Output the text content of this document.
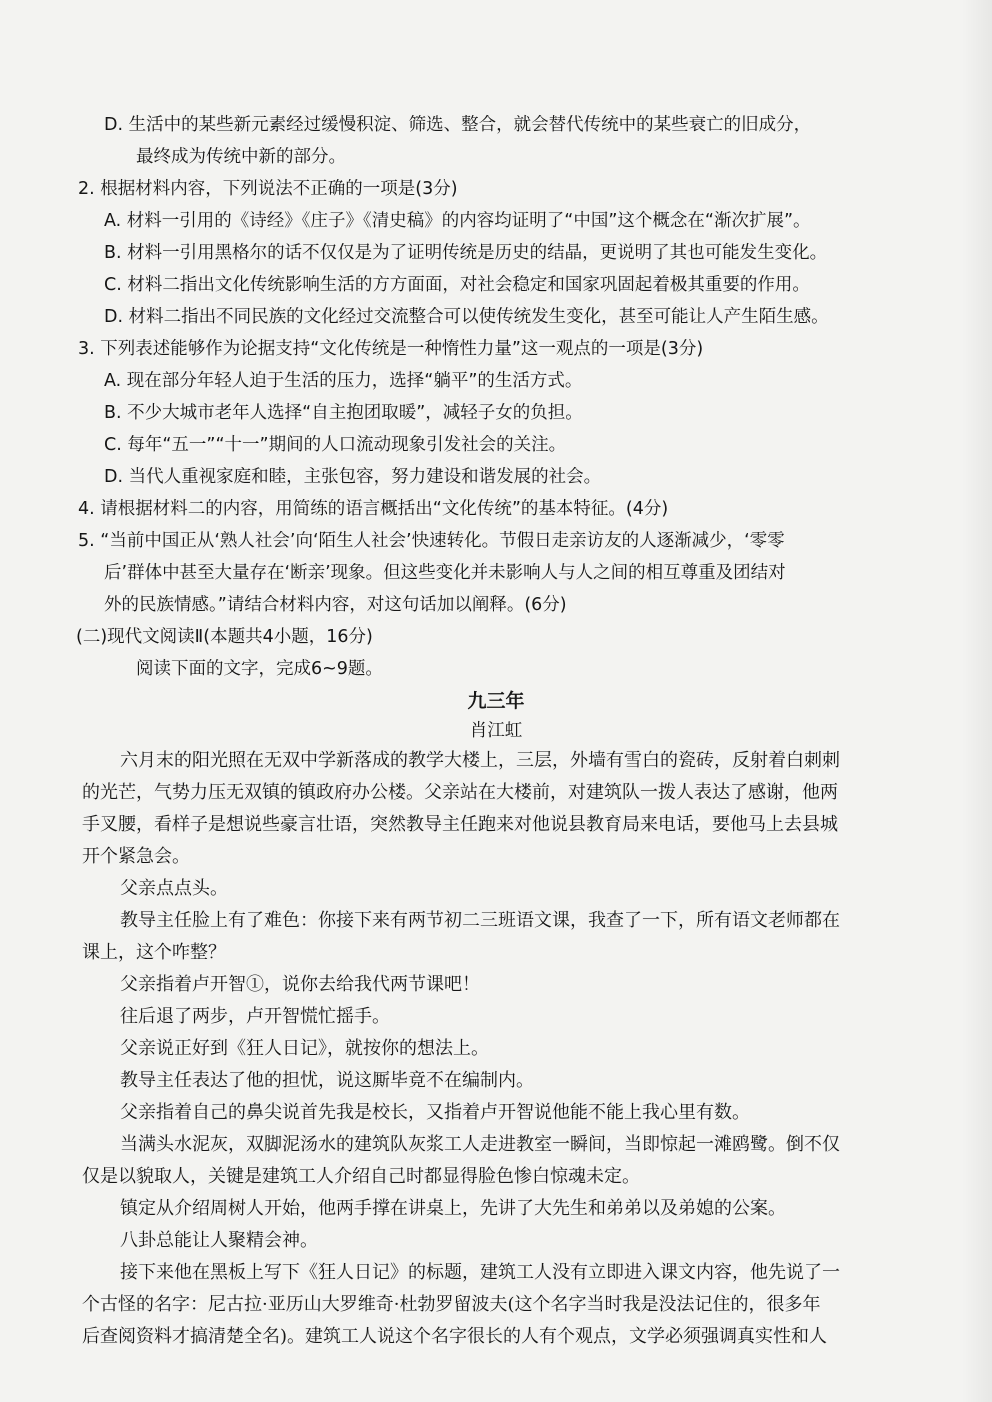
D. 生活中的某些新元素经过缓慢积淀、筛选、整合，就会替代传统中的某些衰亡的旧成分，
最终成为传统中新的部分。
2. 根据材料内容，下列说法不正确的一项是(3分)
A. 材料一引用的《诗经》《庄子》《清史稿》的内容均证明了“中国”这个概念在“渐次扩展”。
B. 材料一引用黑格尔的话不仅仅是为了证明传统是历史的结晶，更说明了其也可能发生变化。
C. 材料二指出文化传统影响生活的方方面面，对社会稳定和国家巩固起着极其重要的作用。
D. 材料二指出不同民族的文化经过交流整合可以使传统发生变化，甚至可能让人产生陌生感。
3. 下列表述能够作为论据支持“文化传统是一种惰性力量”这一观点的一项是(3分)
A. 现在部分年轻人迫于生活的压力，选择“躺平”的生活方式。
B. 不少大城市老年人选择“自主抱团取暖”，减轻子女的负担。
C. 每年“五一”“十一”期间的人口流动现象引发社会的关注。
D. 当代人重视家庭和睦，主张包容，努力建设和谐发展的社会。
4. 请根据材料二的内容，用简练的语言概括出“文化传统”的基本特征。(4分)
5. “当前中国正从‘熟人社会’向‘陌生人社会’快速转化。节假日走亲访友的人逐渐减少，‘零零
后’群体中甚至大量存在‘断亲’现象。但这些变化并未影响人与人之间的相互尊重及团结对
外的民族情感。”请结合材料内容，对这句话加以阐释。(6分)
(二)现代文阅读Ⅱ(本题共4小题，16分)
阅读下面的文字，完成6~9题。
九三年
肖江虹
六月末的阳光照在无双中学新落成的教学大楼上，三层，外墙有雪白的瓷砖，反射着白刺刺
的光芒，气势力压无双镇的镇政府办公楼。父亲站在大楼前，对建筑队一拨人表达了感谢，他两
手叉腰，看样子是想说些豪言壮语，突然教导主任跑来对他说县教育局来电话，要他马上去县城
开个紧急会。
父亲点点头。
教导主任脸上有了难色：你接下来有两节初二三班语文课，我查了一下，所有语文老师都在
课上，这个咋整？
父亲指着卢开智①，说你去给我代两节课吧！
往后退了两步，卢开智慌忙摇手。
父亲说正好到《狂人日记》，就按你的想法上。
教导主任表达了他的担忧，说这厮毕竟不在编制内。
父亲指着自己的鼻尖说首先我是校长，又指着卢开智说他能不能上我心里有数。
当满头水泥灰，双脚泥汤水的建筑队灰浆工人走进教室一瞬间，当即惊起一滩鸥鹭。倒不仅
仅是以貌取人，关键是建筑工人介绍自己时都显得脸色惨白惊魂未定。
镇定从介绍周树人开始，他两手撑在讲桌上，先讲了大先生和弟弟以及弟媳的公案。
八卦总能让人聚精会神。
接下来他在黑板上写下《狂人日记》的标题，建筑工人没有立即进入课文内容，他先说了一
个古怪的名字：尼古拉·亚历山大罗维奇·杜勃罗留波夫(这个名字当时我是没法记住的，很多年
后查阅资料才搞清楚全名)。建筑工人说这个名字很长的人有个观点，文学必须强调真实性和人
